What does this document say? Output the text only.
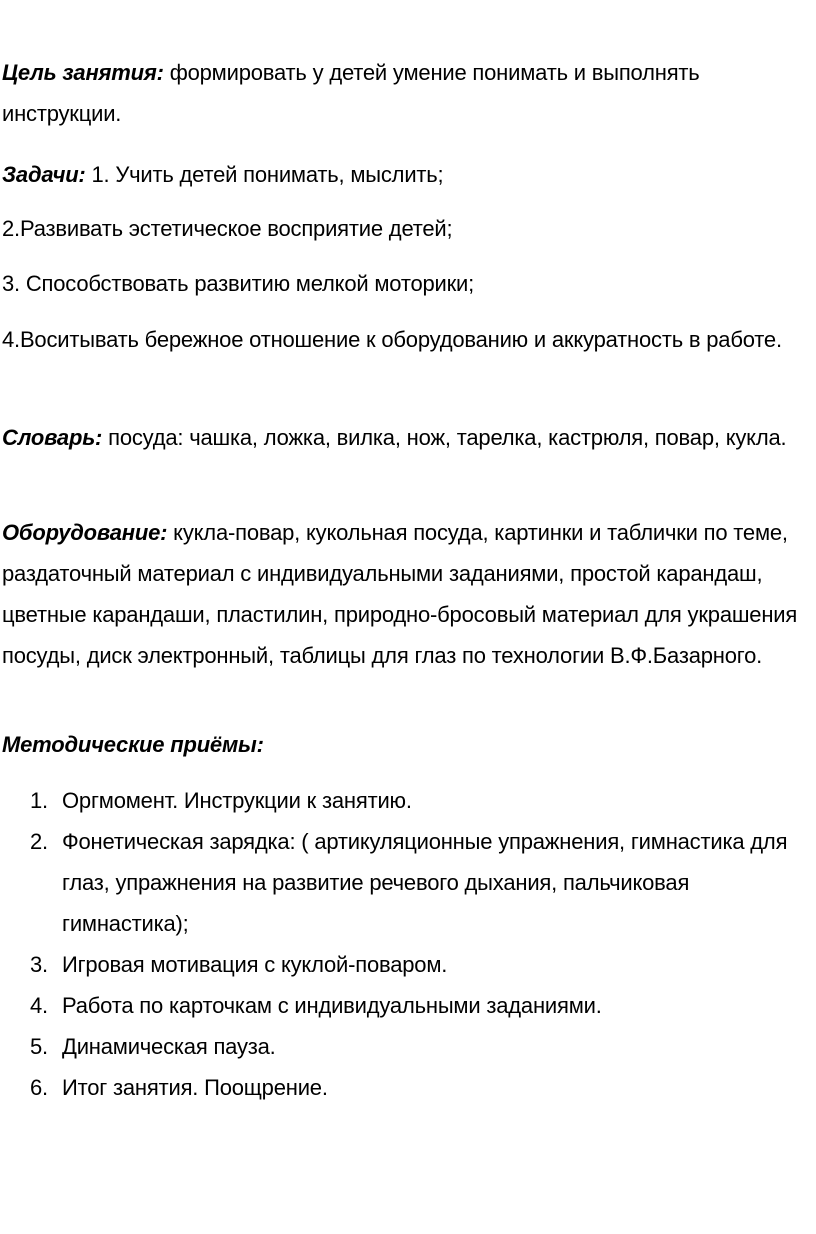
Цель занятия: формировать у детей умение понимать и выполнять инструкции.

Задачи: 1. Учить детей понимать, мыслить;

2.Развивать эстетическое восприятие детей;

3. Способствовать развитию мелкой моторики;

4.Воситывать бережное отношение к оборудованию и аккуратность в работе.

Словарь: посуда: чашка, ложка, вилка, нож, тарелка, кастрюля, повар, кукла.

Оборудование: кукла-повар, кукольная посуда, картинки и таблички по теме, раздаточный материал с индивидуальными заданиями, простой карандаш, цветные карандаши, пластилин, природно-бросовый материал для украшения посуды, диск электронный, таблицы для глаз по технологии В.Ф.Базарного.

Методические приёмы:

1. Оргмомент. Инструкции к занятию.
2. Фонетическая зарядка: ( артикуляционные упражнения, гимнастика для глаз, упражнения на развитие речевого дыхания, пальчиковая гимнастика);
3. Игровая мотивация с куклой-поваром.
4. Работа по карточкам с индивидуальными заданиями.
5. Динамическая пауза.
6. Итог занятия. Поощрение.
